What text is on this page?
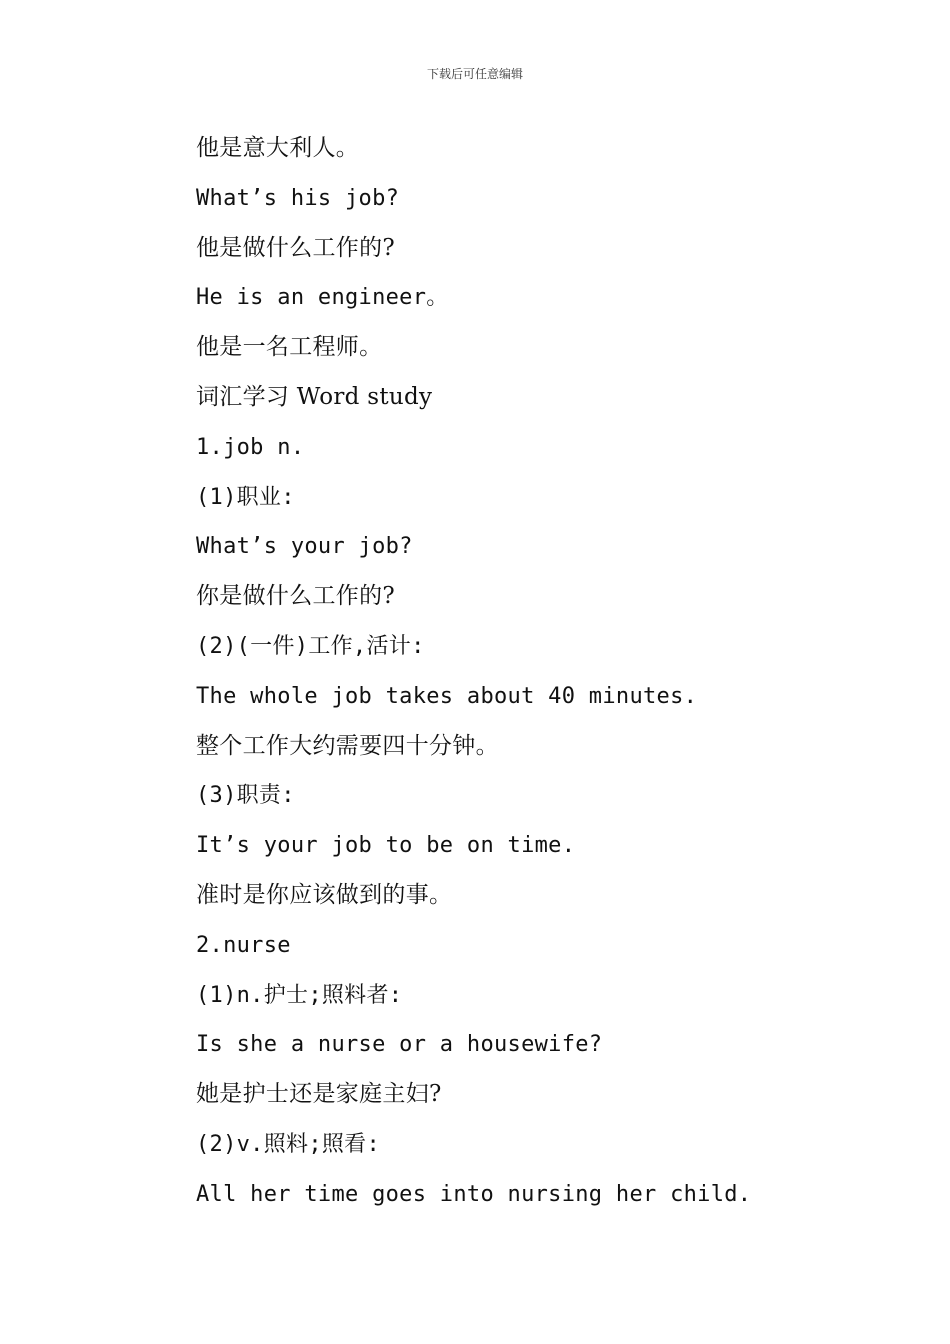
下载后可任意编辑
他是意大利人。
What’s his job?
他是做什么工作的?
He is an engineer。
他是一名工程师。
词汇学习 Word study
1.job n.
(1)职业:
What’s your job?
你是做什么工作的?
(2)(一件)工作,活计:
The whole job takes about 40 minutes.
整个工作大约需要四十分钟。
(3)职责:
It’s your job to be on time.
准时是你应该做到的事。
2.nurse
(1)n.护士;照料者:
Is she a nurse or a housewife?
她是护士还是家庭主妇?
(2)v.照料;照看:
All her time goes into nursing her child.
